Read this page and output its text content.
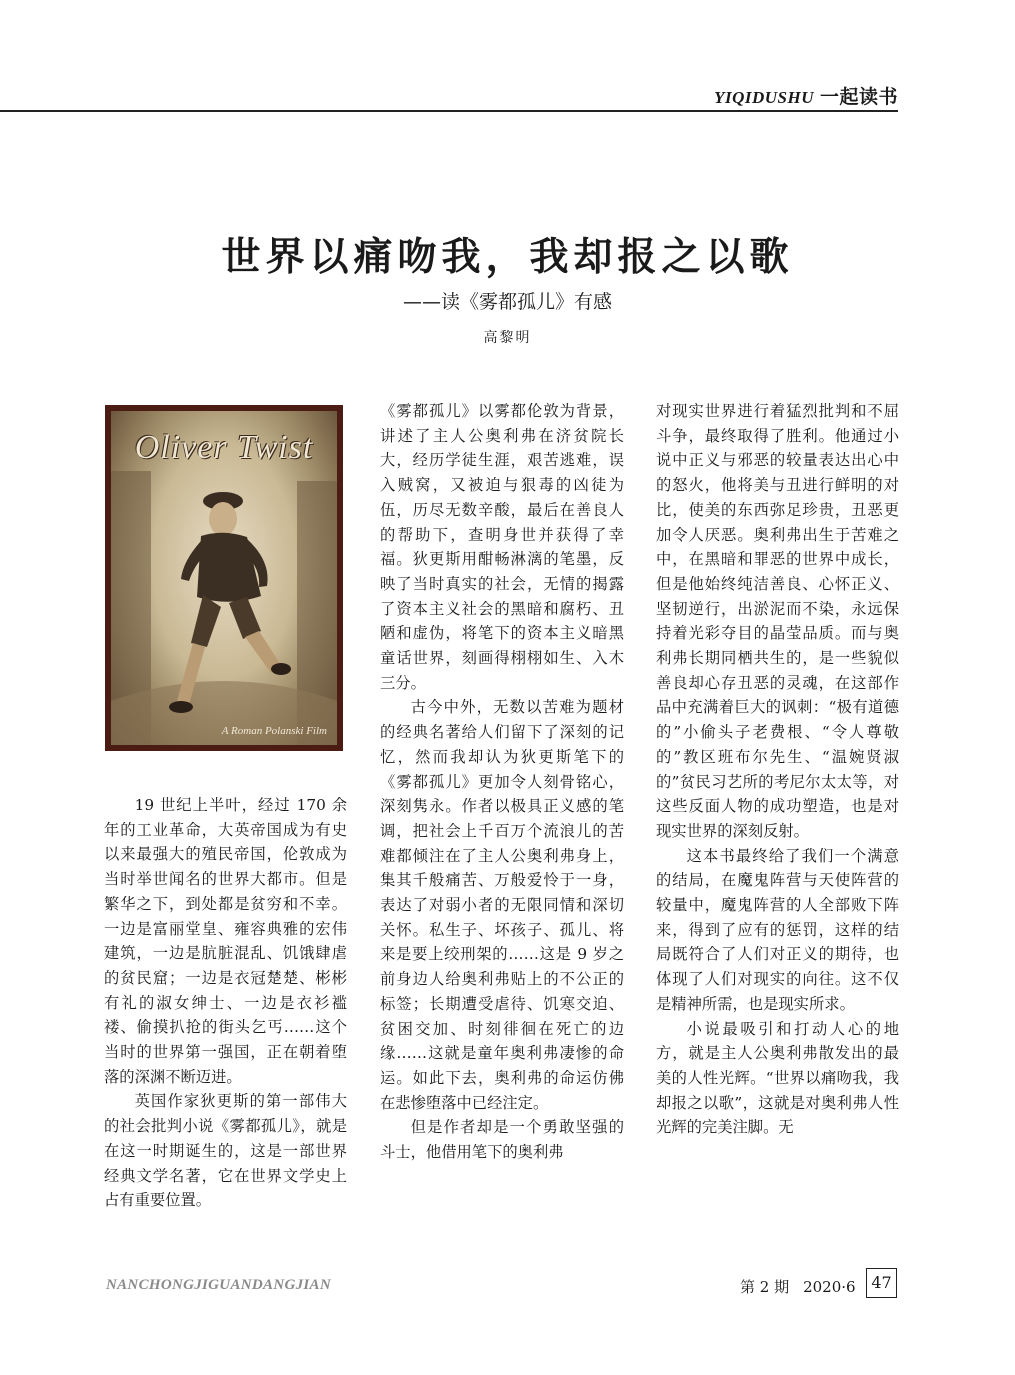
YIQIDUSHU 一起读书
世界以痛吻我，我却报之以歌
——读《雾都孤儿》有感
高黎明
Oliver Twist
A Roman Polanski Film

19 世纪上半叶，经过 170 余年的工业革命，大英帝国成为有史以来最强大的殖民帝国，伦敦成为当时举世闻名的世界大都市。但是繁华之下，到处都是贫穷和不幸。一边是富丽堂皇、雍容典雅的宏伟建筑，一边是肮脏混乱、饥饿肆虐的贫民窟；一边是衣冠楚楚、彬彬有礼的淑女绅士、一边是衣衫褴褛、偷摸扒抢的街头乞丐……这个当时的世界第一强国，正在朝着堕落的深渊不断迈进。

英国作家狄更斯的第一部伟大的社会批判小说《雾都孤儿》，就是在这一时期诞生的，这是一部世界经典文学名著，它在世界文学史上占有重要位置。

《雾都孤儿》以雾都伦敦为背景，讲述了主人公奥利弗在济贫院长大，经历学徒生涯，艰苦逃难，误入贼窝，又被迫与狠毒的凶徒为伍，历尽无数辛酸，最后在善良人的帮助下，查明身世并获得了幸福。狄更斯用酣畅淋漓的笔墨，反映了当时真实的社会，无情的揭露了资本主义社会的黑暗和腐朽、丑陋和虚伪，将笔下的资本主义暗黑童话世界，刻画得栩栩如生、入木三分。

古今中外，无数以苦难为题材的经典名著给人们留下了深刻的记忆，然而我却认为狄更斯笔下的《雾都孤儿》更加令人刻骨铭心，深刻隽永。作者以极具正义感的笔调，把社会上千百万个流浪儿的苦难都倾注在了主人公奥利弗身上，集其千般痛苦、万般爱怜于一身，表达了对弱小者的无限同情和深切关怀。私生子、坏孩子、孤儿、将来是要上绞刑架的……这是 9 岁之前身边人给奥利弗贴上的不公正的标签；长期遭受虐待、饥寒交迫、贫困交加、时刻徘徊在死亡的边缘……这就是童年奥利弗凄惨的命运。如此下去，奥利弗的命运仿佛在悲惨堕落中已经注定。

但是作者却是一个勇敢坚强的斗士，他借用笔下的奥利弗

对现实世界进行着猛烈批判和不屈斗争，最终取得了胜利。他通过小说中正义与邪恶的较量表达出心中的怒火，他将美与丑进行鲜明的对比，使美的东西弥足珍贵，丑恶更加令人厌恶。奥利弗出生于苦难之中，在黑暗和罪恶的世界中成长，但是他始终纯洁善良、心怀正义、坚韧逆行，出淤泥而不染，永远保持着光彩夺目的晶莹品质。而与奥利弗长期同栖共生的，是一些貌似善良却心存丑恶的灵魂，在这部作品中充满着巨大的讽刺：“极有道德的”小偷头子老费根、“令人尊敬的”教区班布尔先生、“温婉贤淑的”贫民习艺所的考尼尔太太等，对这些反面人物的成功塑造，也是对现实世界的深刻反射。

这本书最终给了我们一个满意的结局，在魔鬼阵营与天使阵营的较量中，魔鬼阵营的人全部败下阵来，得到了应有的惩罚，这样的结局既符合了人们对正义的期待，也体现了人们对现实的向往。这不仅是精神所需，也是现实所求。

小说最吸引和打动人心的地方，就是主人公奥利弗散发出的最美的人性光辉。“世界以痛吻我，我却报之以歌”，这就是对奥利弗人性光辉的完美注脚。无

NANCHONGJIGUANDANGJIAN	第 2 期 2020·6 47
